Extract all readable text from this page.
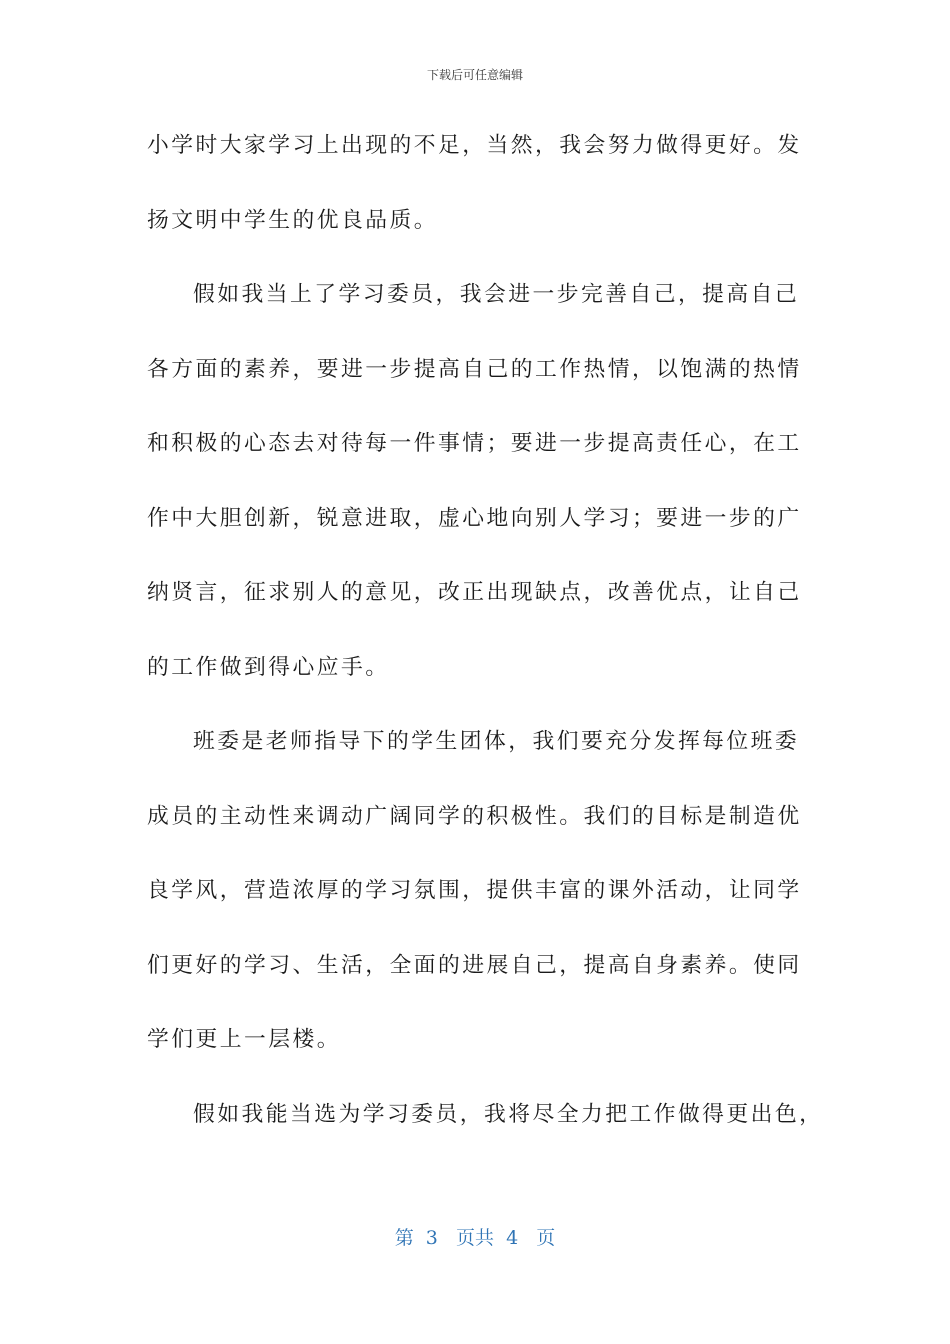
下载后可任意编辑
小学时大家学习上出现的不足，当然，我会努力做得更好。发
扬文明中学生的优良品质。
假如我当上了学习委员，我会进一步完善自己，提高自己
各方面的素养，要进一步提高自己的工作热情，以饱满的热情
和积极的心态去对待每一件事情；要进一步提高责任心，在工
作中大胆创新，锐意进取，虚心地向别人学习；要进一步的广
纳贤言，征求别人的意见，改正出现缺点，改善优点，让自己
的工作做到得心应手。
班委是老师指导下的学生团体，我们要充分发挥每位班委
成员的主动性来调动广阔同学的积极性。我们的目标是制造优
良学风，营造浓厚的学习氛围，提供丰富的课外活动，让同学
们更好的学习、生活，全面的进展自己，提高自身素养。使同
学们更上一层楼。
假如我能当选为学习委员，我将尽全力把工作做得更出色，
第  3   页共  4   页
